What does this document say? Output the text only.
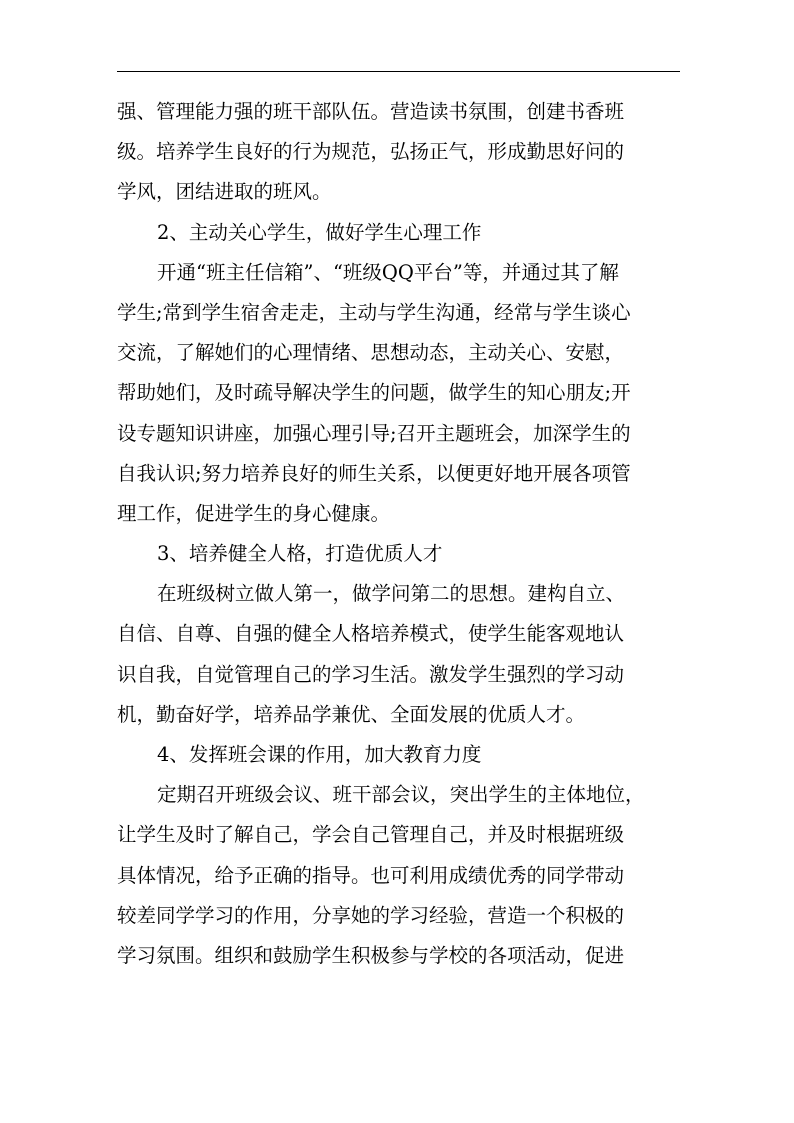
强、管理能力强的班干部队伍。营造读书氛围，创建书香班
级。培养学生良好的行为规范，弘扬正气，形成勤思好问的
学风，团结进取的班风。
2、主动关心学生，做好学生心理工作
开通“班主任信箱”、“班级QQ平台”等，并通过其了解
学生;常到学生宿舍走走，主动与学生沟通，经常与学生谈心
交流，了解她们的心理情绪、思想动态，主动关心、安慰，
帮助她们，及时疏导解决学生的问题，做学生的知心朋友;开
设专题知识讲座，加强心理引导;召开主题班会，加深学生的
自我认识;努力培养良好的师生关系，以便更好地开展各项管
理工作，促进学生的身心健康。
3、培养健全人格，打造优质人才
在班级树立做人第一，做学问第二的思想。建构自立、
自信、自尊、自强的健全人格培养模式，使学生能客观地认
识自我，自觉管理自己的学习生活。激发学生强烈的学习动
机，勤奋好学，培养品学兼优、全面发展的优质人才。
4、发挥班会课的作用，加大教育力度
定期召开班级会议、班干部会议，突出学生的主体地位，
让学生及时了解自己，学会自己管理自己，并及时根据班级
具体情况，给予正确的指导。也可利用成绩优秀的同学带动
较差同学学习的作用，分享她的学习经验，营造一个积极的
学习氛围。组织和鼓励学生积极参与学校的各项活动，促进
